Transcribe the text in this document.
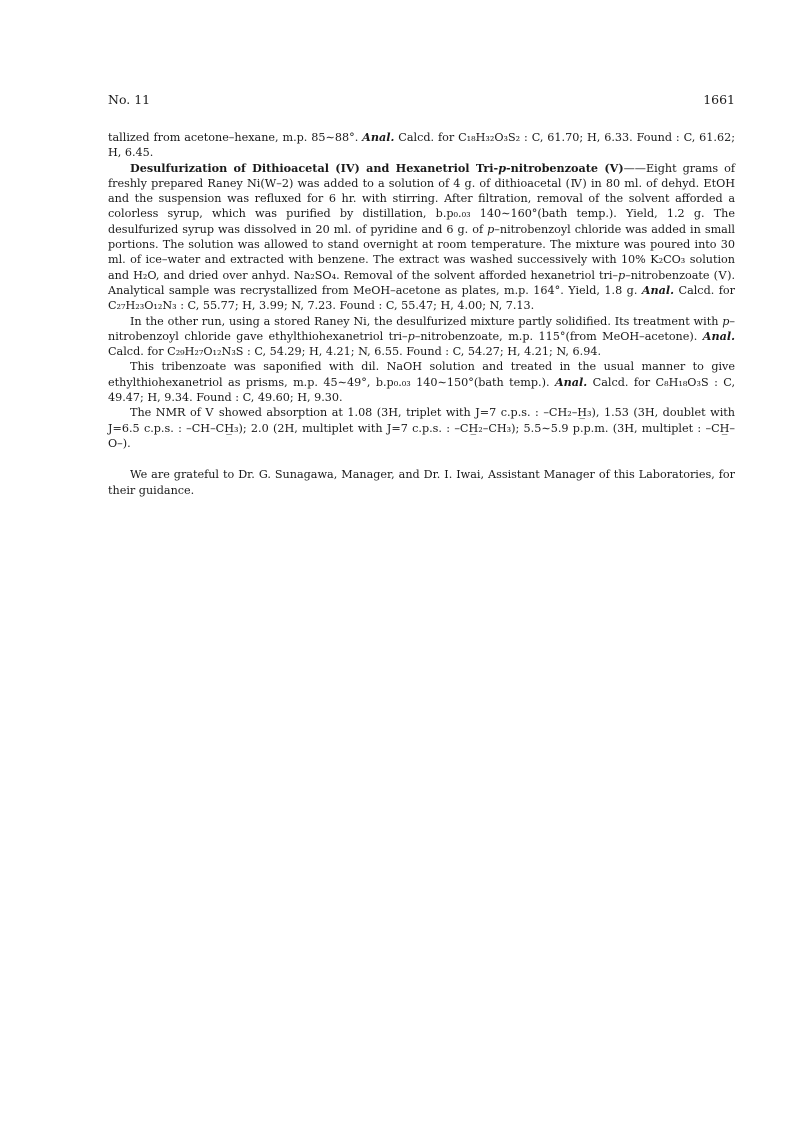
No. 11	1661

tallized from acetone–hexane, m.p. 85∼88°. Anal. Calcd. for C₁₈H₃₂O₃S₂ : C, 61.70; H, 6.33. Found : C, 61.62; H, 6.45.

Desulfurization of Dithioacetal (IV) and Hexanetriol Tri-p-nitrobenzoate (V)——Eight grams of freshly prepared Raney Ni(W–2) was added to a solution of 4 g. of dithioacetal (Ⅳ) in 80 ml. of dehyd. EtOH and the suspension was refluxed for 6 hr. with stirring. After filtration, removal of the solvent afforded a colorless syrup, which was purified by distillation, b.p₀.₀₃ 140∼160°(bath temp.). Yield, 1.2 g. The desulfurized syrup was dissolved in 20 ml. of pyridine and 6 g. of p–nitrobenzoyl chloride was added in small portions. The solution was allowed to stand overnight at room temperature. The mixture was poured into 30 ml. of ice–water and extracted with benzene. The extract was washed successively with 10% K₂CO₃ solution and H₂O, and dried over anhyd. Na₂SO₄. Removal of the solvent afforded hexanetriol tri–p–nitrobenzoate (Ⅴ). Analytical sample was recrystallized from MeOH–acetone as plates, m.p. 164°. Yield, 1.8 g. Anal. Calcd. for C₂₇H₂₃O₁₂N₃ : C, 55.77; H, 3.99; N, 7.23. Found : C, 55.47; H, 4.00; N, 7.13.

In the other run, using a stored Raney Ni, the desulfurized mixture partly solidified. Its treatment with p–nitrobenzoyl chloride gave ethylthiohexanetriol tri–p–nitrobenzoate, m.p. 115°(from MeOH–acetone). Anal. Calcd. for C₂₉H₂₇O₁₂N₃S : C, 54.29; H, 4.21; N, 6.55. Found : C, 54.27; H, 4.21; N, 6.94.

This tribenzoate was saponified with dil. NaOH solution and treated in the usual manner to give ethylthiohexanetriol as prisms, m.p. 45∼49°, b.p₀.₀₃ 140∼150°(bath temp.). Anal. Calcd. for C₈H₁₈O₃S : C, 49.47; H, 9.34. Found : C, 49.60; H, 9.30.

The NMR of Ⅴ showed absorption at 1.08 (3H, triplet with J=7 c.p.s. : –CH₂–H̲₃), 1.53 (3H, doublet with J=6.5 c.p.s. : –CH–CH̲₃); 2.0 (2H, multiplet with J=7 c.p.s. : –CH̲₂–CH₃); 5.5∼5.9 p.p.m. (3H, multiplet : –CH̲–O–).

We are grateful to Dr. G. Sunagawa, Manager, and Dr. I. Iwai, Assistant Manager of this Laboratories, for their guidance.
